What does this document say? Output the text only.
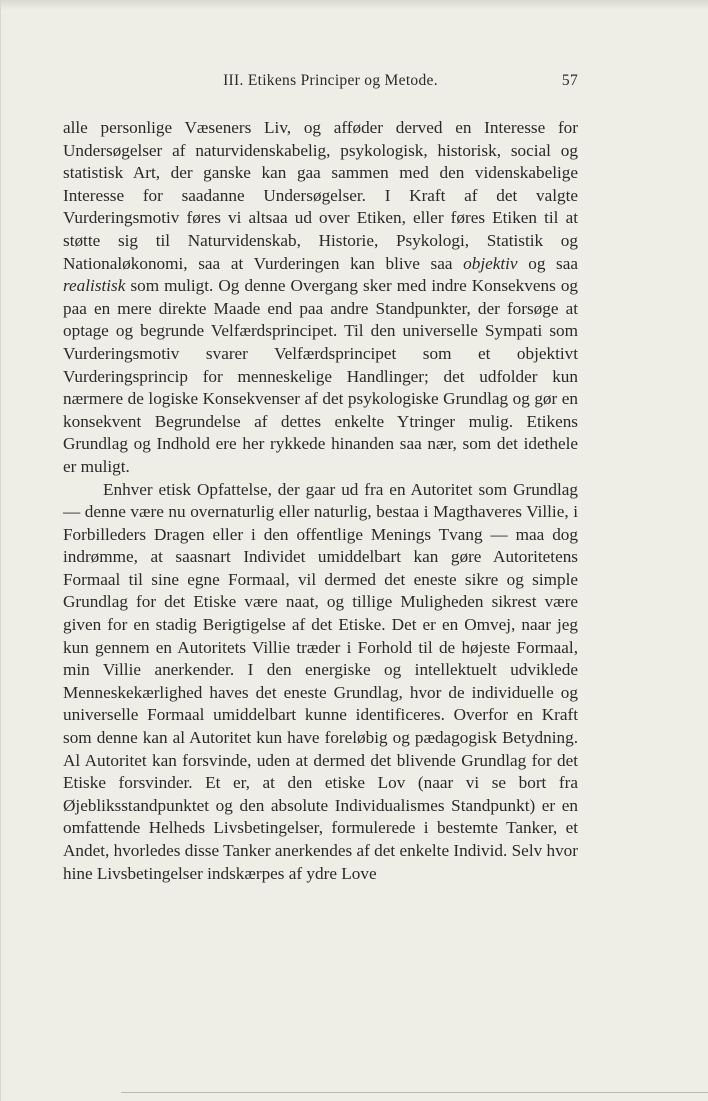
III. Etikens Principer og Metode.	57

alle personlige Væseners Liv, og afføder derved en Interesse for Undersøgelser af naturvidenskabelig, psykologisk, historisk, social og statistisk Art, der ganske kan gaa sammen med den videnskabelige Interesse for saadanne Undersøgelser. I Kraft af det valgte Vurderingsmotiv føres vi altsaa ud over Etiken, eller føres Etiken til at støtte sig til Naturvidenskab, Historie, Psykologi, Statistik og Nationaløkonomi, saa at Vurderingen kan blive saa objektiv og saa realistisk som muligt. Og denne Overgang sker med indre Konsekvens og paa en mere direkte Maade end paa andre Standpunkter, der forsøge at optage og begrunde Velfærdsprincipet. Til den universelle Sympati som Vurderingsmotiv svarer Velfærdsprincipet som et objektivt Vurderingsprincip for menneskelige Handlinger; det udfolder kun nærmere de logiske Konsekvenser af det psykologiske Grundlag og gør en konsekvent Begrundelse af dettes enkelte Ytringer mulig. Etikens Grundlag og Indhold ere her rykkede hinanden saa nær, som det idethele er muligt.

Enhver etisk Opfattelse, der gaar ud fra en Autoritet som Grundlag — denne være nu overnaturlig eller naturlig, bestaa i Magthaveres Villie, i Forbilleders Dragen eller i den offentlige Menings Tvang — maa dog indrømme, at saasnart Individet umiddelbart kan gøre Autoritetens Formaal til sine egne Formaal, vil dermed det eneste sikre og simple Grundlag for det Etiske være naat, og tillige Muligheden sikrest være given for en stadig Berigtigelse af det Etiske. Det er en Omvej, naar jeg kun gennem en Autoritets Villie træder i Forhold til de højeste Formaal, min Villie anerkender. I den energiske og intellektuelt udviklede Menneskekærlighed haves det eneste Grundlag, hvor de individuelle og universelle Formaal umiddelbart kunne identificeres. Overfor en Kraft som denne kan al Autoritet kun have foreløbig og pædagogisk Betydning. Al Autoritet kan forsvinde, uden at dermed det blivende Grundlag for det Etiske forsvinder. Et er, at den etiske Lov (naar vi se bort fra Øjebliksstandpunktet og den absolute Individualismes Standpunkt) er en omfattende Helheds Livsbetingelser, formulerede i bestemte Tanker, et Andet, hvorledes disse Tanker anerkendes af det enkelte Individ. Selv hvor hine Livsbetingelser indskærpes af ydre Love
